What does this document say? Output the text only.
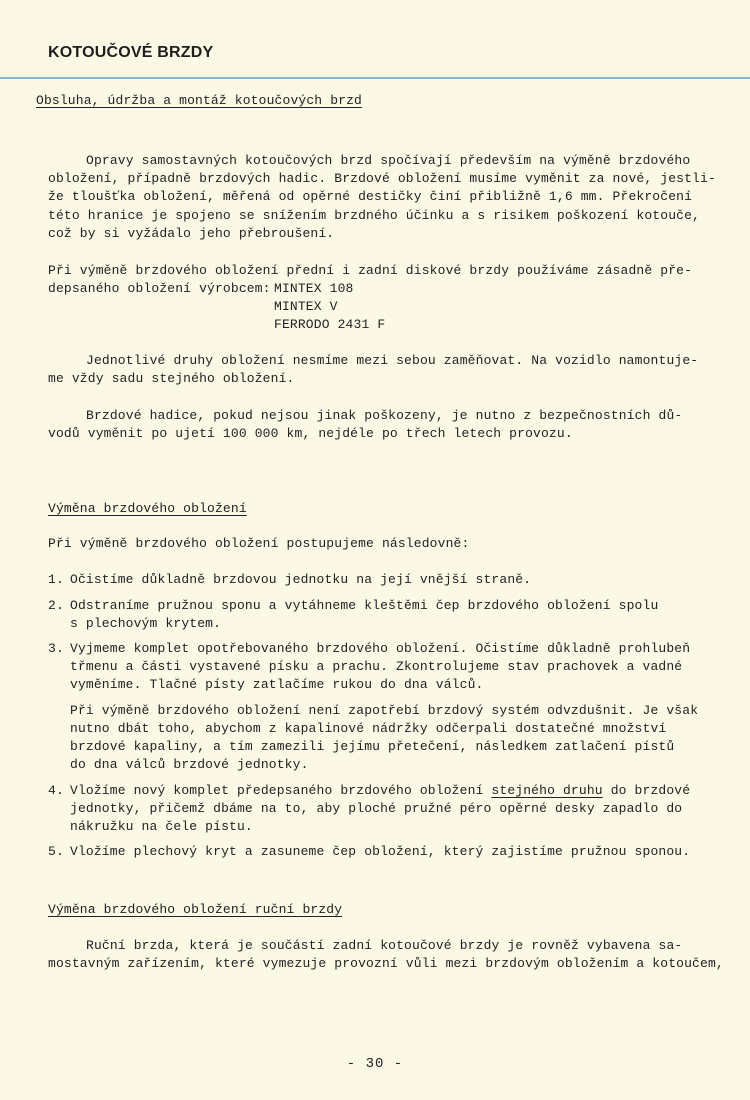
KOTOUČOVÉ BRZDY
Obsluha, údržba a montáž kotoučových brzd
Opravy samostavných kotoučových brzd spočívají především na výměně brzdového
obložení, případně brzdových hadic. Brzdové obložení musíme vyměnit za nové, jestli-
že tloušťka obložení, měřená od opěrné destičky činí přibližně 1,6 mm. Překročení
této hranice je spojeno se snížením brzdného účinku a s risikem poškození kotouče,
což by si vyžádalo jeho přebroušení.
Při výměně brzdového obložení přední i zadní diskové brzdy používáme zásadně pře-
depsaného obložení výrobcem: MINTEX 108
MINTEX V
FERRODO 2431 F
Jednotlivé druhy obložení nesmíme mezi sebou zaměňovat. Na vozidlo namontuje-
me vždy sadu stejného obložení.
Brzdové hadice, pokud nejsou jinak poškozeny, je nutno z bezpečnostních dů-
vodů vyměnit po ujetí 100 000 km, nejdéle po třech letech provozu.
Výměna brzdového obložení
Při výměně brzdového obložení postupujeme následovně:
1. Očistíme důkladně brzdovou jednotku na její vnější straně.
2. Odstraníme pružnou sponu a vytáhneme kleštěmi čep brzdového obložení spolu
s plechovým krytem.
3. Vyjmeme komplet opotřebovaného brzdového obložení. Očistíme důkladně prohlubeň
třmenu a části vystavené písku a prachu. Zkontrolujeme stav prachovek a vadné
vyměníme. Tlačné písty zatlačíme rukou do dna válců.
Při výměně brzdového obložení není zapotřebí brzdový systém odvzdušnit. Je však
nutno dbát toho, abychom z kapalinové nádržky odčerpali dostatečné množství
brzdové kapaliny, a tím zamezili jejímu přetečení, následkem zatlačení pístů
do dna válců brzdové jednotky.
4. Vložíme nový komplet předepsaného brzdového obložení stejného druhu do brzdové
jednotky, přičemž dbáme na to, aby ploché pružné péro opěrné desky zapadlo do
nákružku na čele pístu.
5. Vložíme plechový kryt a zasuneme čep obložení, který zajistíme pružnou sponou.
Výměna brzdového obložení ruční brzdy
Ruční brzda, která je součástí zadní kotoučové brzdy je rovněž vybavena sa-
mostavným zařízením, které vymezuje provozní vůli mezi brzdovým obložením a kotoučem,
- 30 -
